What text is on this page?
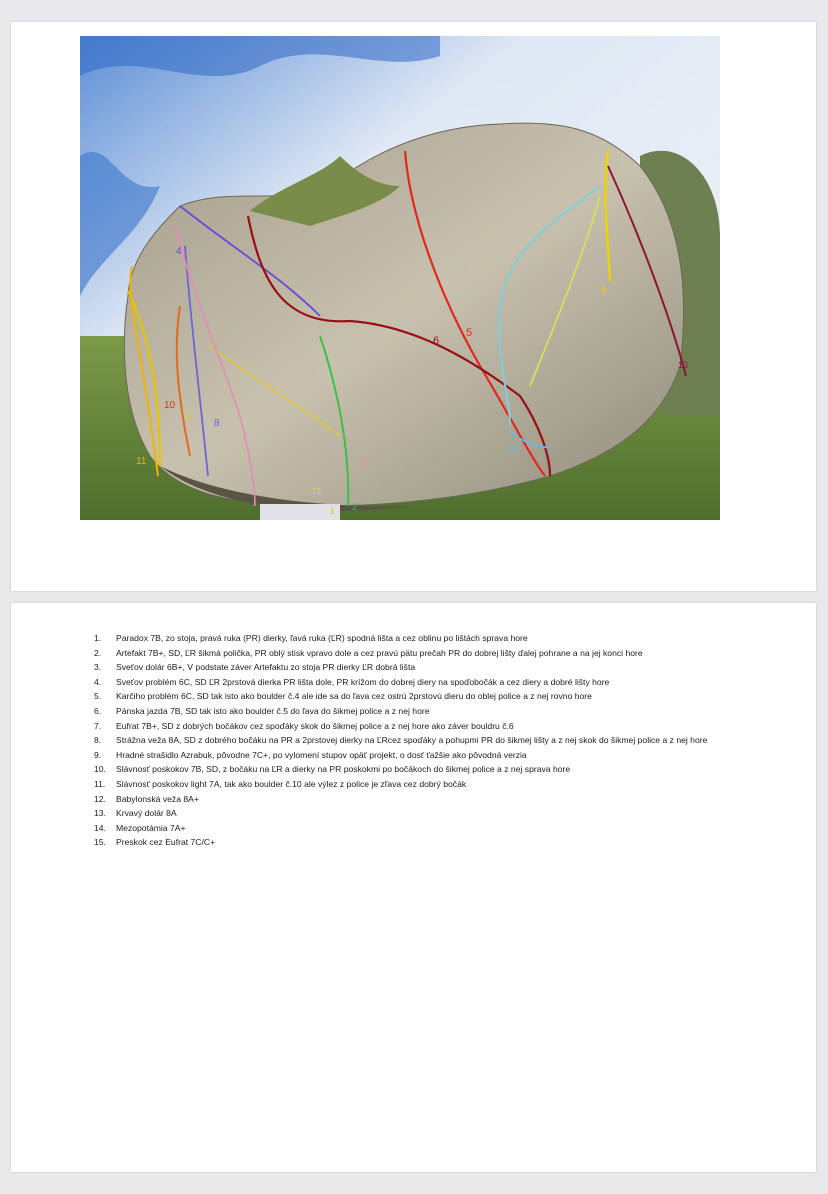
1 2
3
4
5
6	7
8
9
10
11
12
13
14
15
1. Paradox 7B, zo stoja, pravá ruka (PR) dierky, ľavá ruka (ĽR) spodná lišta a cez oblinu po lištách sprava hore
2. Artefakt 7B+, SD, ĽR šikmá polička, PR oblý stisk vpravo dole a cez pravú pätu prečah PR do dobrej lišty ďalej pohrane a na jej konci hore
3. Sveťov dolár 6B+, V podstate záver Artefaktu zo stoja PR dierky ĽR dobrá lišta
4. Sveťov problém 6C, SD ĽR 2prstová dierka PR lišta dole, PR krížom do dobrej diery na spoďobočák a cez diery a dobré lišty hore
5. Karčiho problém 6C, SD tak isto ako boulder č.4 ale ide sa do ľava cez ostrú 2prstovú dieru do oblej police a z nej rovno hore
6. Pánska jazda 7B, SD tak isto ako boulder č.5 do ľava do šikmej police a z nej hore
7. Eufrat 7B+, SD z dobrých bočákov cez spoďáky skok do šikmej police a z nej hore ako záver bouldru č.6
8. Strážna veža 8A, SD z dobrého bočáku na PR a 2prstovej dierky na ĽRcez spoďáky a pohupmi PR do šikmej lišty a z nej skok do šikmej police a z nej hore
9. Hradné strašidlo Azrabuk, pôvodne 7C+, po vylomení stupov opäť projekt, o dosť ťažšie ako pôvodná verzia
10. Slávnosť poskokov 7B, SD, z bočáku na ĽR a dierky na PR poskokmi po bočákoch do šikmej police a z nej sprava hore
11. Slávnosť poskokov light 7A, tak ako boulder č.10 ale výlez z police je zľava cez dobrý bočák
12. Babylonská veža 8A+
13. Krvavý dolár 8A
14. Mezopotámia 7A+
15. Preskok cez Eufrat 7C/C+
